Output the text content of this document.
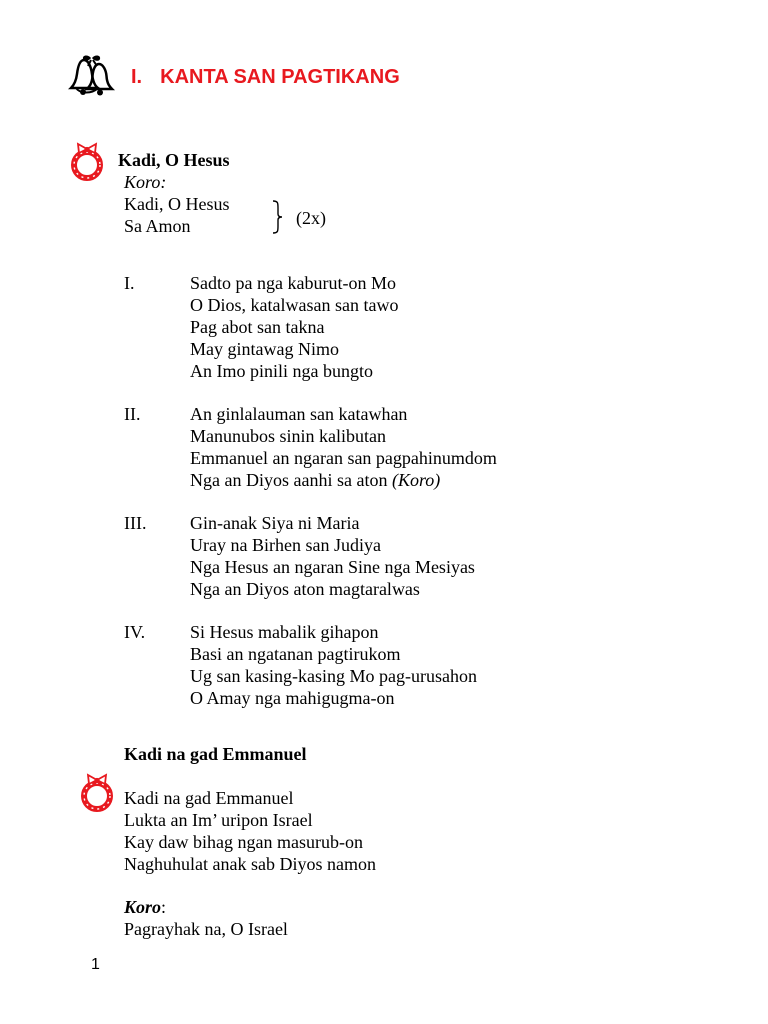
I. KANTA SAN PAGTIKANG
Kadi, O Hesus
Koro:
Kadi, O Hesus
Sa Amon	(2x)
I.	Sadto pa nga kaburut-on Mo
O Dios, katalwasan san tawo
Pag abot san takna
May gintawag Nimo
An Imo pinili nga bungto
II.	An ginlalauman san katawhan
Manunubos sinin kalibutan
Emmanuel an ngaran san pagpahinumdom
Nga an Diyos aanhi sa aton (Koro)
III. Gin-anak Siya ni Maria
Uray na Birhen san Judiya
Nga Hesus an ngaran Sine nga Mesiyas
Nga an Diyos aton magtaralwas
IV. Si Hesus mabalik gihapon
Basi an ngatanan pagtirukom
Ug san kasing-kasing Mo pag-urusahon
O Amay nga mahigugma-on
Kadi na gad Emmanuel
Kadi na gad Emmanuel
Lukta an Im’ uripon Israel
Kay daw bihag ngan masurub-on
Naghuhulat anak sab Diyos namon
Koro:
Pagrayhak na, O Israel
1
